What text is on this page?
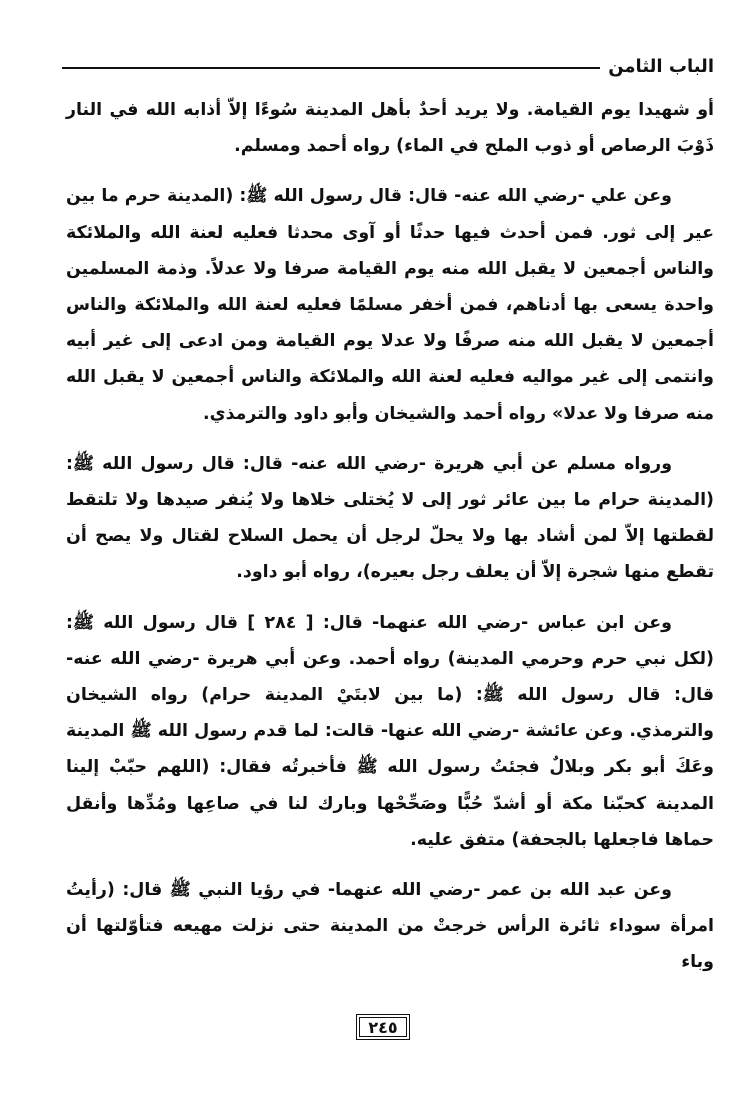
الباب الثامن

أو شهيدا يوم القيامة. ولا يريد أحدٌ بأهل المدينة سُوءًا إلاّ أذابه الله في النار ذَوْبَ الرصاص أو ذوب الملح في الماء) رواه أحمد ومسلم.

وعن علي -رضي الله عنه- قال: قال رسول الله ﷺ: (المدينة حرم ما بين عير إلى ثور. فمن أحدث فيها حدثًا أو آوى محدثا فعليه لعنة الله والملائكة والناس أجمعين لا يقبل الله منه يوم القيامة صرفا ولا عدلاً. وذمة المسلمين واحدة يسعى بها أدناهم، فمن أخفر مسلمًا فعليه لعنة الله والملائكة والناس أجمعين لا يقبل الله منه صرفًا ولا عدلا يوم القيامة ومن ادعى إلى غير أبيه وانتمى إلى غير مواليه فعليه لعنة الله والملائكة والناس أجمعين لا يقبل الله منه صرفا ولا عدلا» رواه أحمد والشيخان وأبو داود والترمذي.

ورواه مسلم عن أبي هريرة -رضي الله عنه- قال: قال رسول الله ﷺ: (المدينة حرام ما بين عائر ثور إلى لا يُختلى خلاها ولا يُنفر صيدها ولا تلتقط لقطتها إلاّ لمن أشاد بها ولا يحلّ لرجل أن يحمل السلاح لقتال ولا يصح أن تقطع منها شجرة إلاّ أن يعلف رجل بعيره)، رواه أبو داود.

وعن ابن عباس -رضي الله عنهما- قال: [ ٢٨٤ ] قال رسول الله ﷺ: (لكل نبي حرم وحرمي المدينة) رواه أحمد. وعن أبي هريرة -رضي الله عنه- قال: قال رسول الله ﷺ: (ما بين لابتَيْ المدينة حرام) رواه الشيخان والترمذي. وعن عائشة -رضي الله عنها- قالت: لما قدم رسول الله ﷺ المدينة وعَكَ أبو بكر وبلالٌ فجئتُ رسول الله ﷺ فأخبرتُه فقال: (اللهم حبّبْ إلينا المدينة كحبّنا مكة أو أشدّ حُبًّا وصَحِّحْها وبارك لنا في صاعِها ومُدِّها وأنقل حماها فاجعلها بالجحفة) متفق عليه.

وعن عبد الله بن عمر -رضي الله عنهما- في رؤيا النبي ﷺ قال: (رأيتُ امرأة سوداء ثائرة الرأس خرجتْ من المدينة حتى نزلت مهيعه فتأوّلتها أن وباء

٢٤٥
